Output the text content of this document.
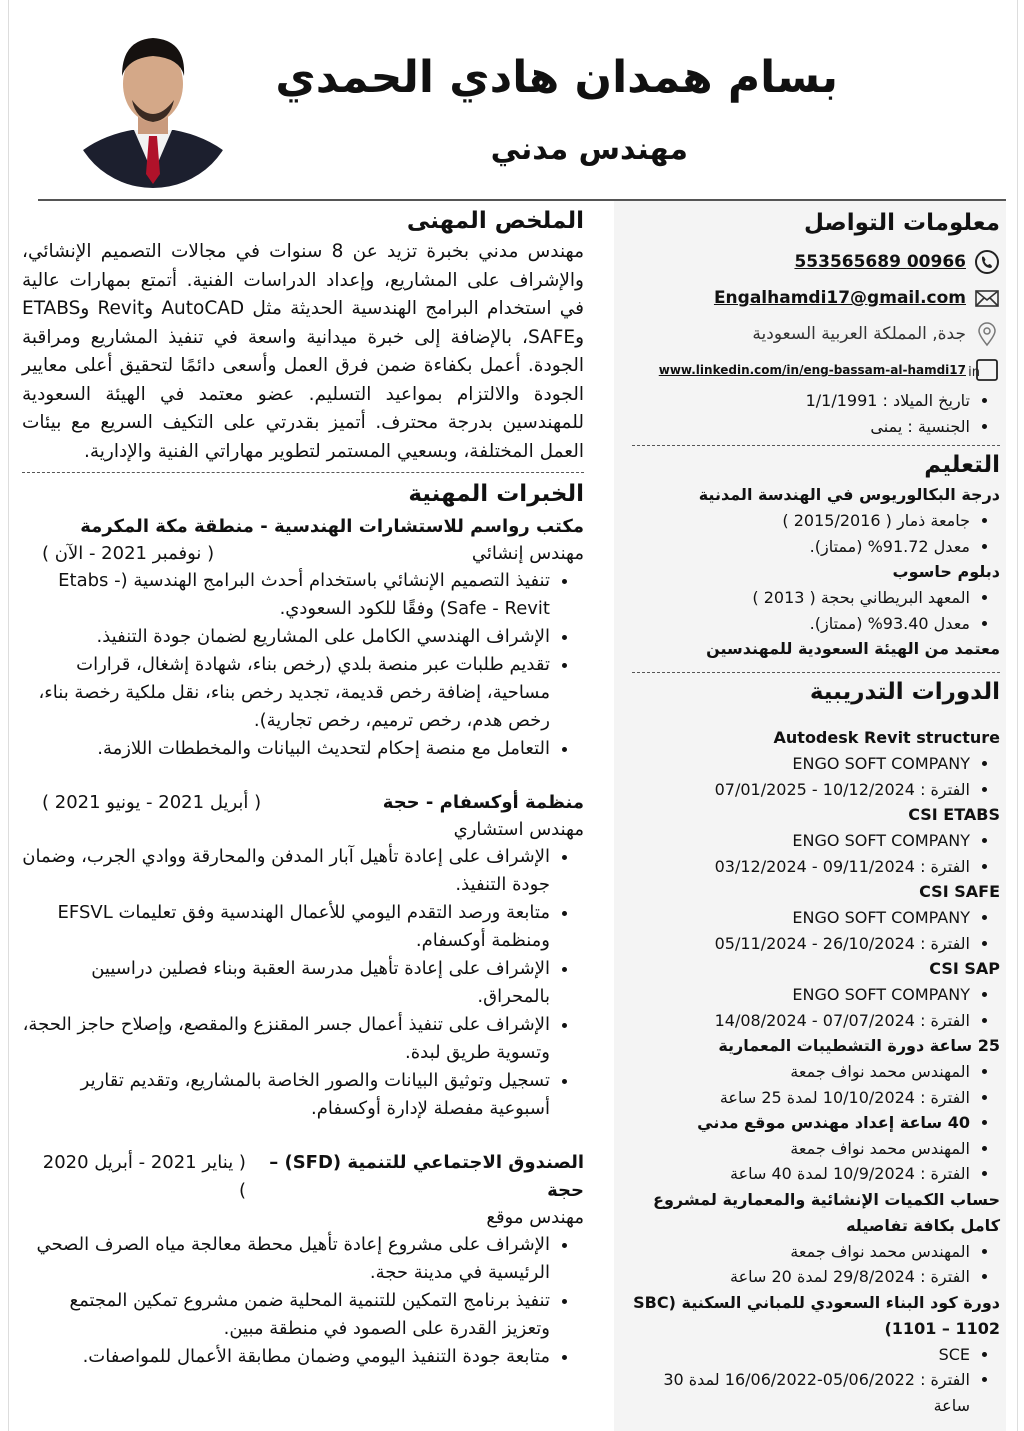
بسام همدان هادي الحمدي
مهندس مدني
الملخص المهنى

مهندس مدني بخبرة تزيد عن 8 سنوات في مجالات التصميم الإنشائي، والإشراف على المشاريع، وإعداد الدراسات الفنية. أتمتع بمهارات عالية في استخدام البرامج الهندسية الحديثة مثل AutoCAD وRevit وETABS وSAFE، بالإضافة إلى خبرة ميدانية واسعة في تنفيذ المشاريع ومراقبة الجودة. أعمل بكفاءة ضمن فرق العمل وأسعى دائمًا لتحقيق أعلى معايير الجودة والالتزام بمواعيد التسليم. عضو معتمد في الهيئة السعودية للمهندسين بدرجة محترف. أتميز بقدرتي على التكيف السريع مع بيئات العمل المختلفة، وبسعيي المستمر لتطوير مهاراتي الفنية والإدارية.

الخبرات المهنية
مكتب رواسم للاستشارات الهندسية - منطقة مكة المكرمة
مهندس إنشائي
( نوفمبر 2021 - الآن )
• تنفيذ التصميم الإنشائي باستخدام أحدث البرامج الهندسية (Etabs - Safe - Revit) وفقًا للكود السعودي.
• الإشراف الهندسي الكامل على المشاريع لضمان جودة التنفيذ.
• تقديم طلبات عبر منصة بلدي (رخص بناء، شهادة إشغال، قرارات مساحية، إضافة رخص قديمة، تجديد رخص بناء، نقل ملكية رخصة بناء، رخص هدم، رخص ترميم، رخص تجارية).
• التعامل مع منصة إحكام لتحديث البيانات والمخططات اللازمة.
منظمة أوكسفام - حجة
( أبريل 2021 - يونيو 2021 )
مهندس استشاري
• الإشراف على إعادة تأهيل آبار المدفن والمحارقة ووادي الجرب، وضمان جودة التنفيذ.
• متابعة ورصد التقدم اليومي للأعمال الهندسية وفق تعليمات EFSVL ومنظمة أوكسفام.
• الإشراف على إعادة تأهيل مدرسة العقبة وبناء فصلين دراسيين بالمحراق.
• الإشراف على تنفيذ أعمال جسر المقنزع والمقصع، وإصلاح حاجز الحجة، وتسوية طريق لبدة.
• تسجيل وتوثيق البيانات والصور الخاصة بالمشاريع، وتقديم تقارير أسبوعية مفصلة لإدارة أوكسفام.
الصندوق الاجتماعي للتنمية (SFD) – حجة
( يناير 2021 - أبريل 2020 )
مهندس موقع
• الإشراف على مشروع إعادة تأهيل محطة معالجة مياه الصرف الصحي الرئيسية في مدينة حجة.
• تنفيذ برنامج التمكين للتنمية المحلية ضمن مشروع تمكين المجتمع وتعزيز القدرة على الصمود في منطقة مبين.
• متابعة جودة التنفيذ اليومي وضمان مطابقة الأعمال للمواصفات.
معلومات التواصل
00966 553565689
Engalhamdi17@gmail.com
جدة, المملكة العربية السعودية
in
www.linkedin.com/in/eng-bassam-al-hamdi17
• تاريخ الميلاد : 1/1/1991
• الجنسية : يمنى
التعليم
درجة البكالوريوس في الهندسة المدنية
• جامعة ذمار ( 2015/2016 )
• معدل 91.72% (ممتاز).
دبلوم حاسوب
• المعهد البريطاني بحجة ( 2013 )
• معدل 93.40% (ممتاز).
معتمد من الهيئة السعودية للمهندسين
الدورات التدريبية
Autodesk Revit structure
• ENGO SOFT COMPANY
• الفترة : 10/12/2024 - 07/01/2025
CSI ETABS
• ENGO SOFT COMPANY
• الفترة : 09/11/2024 - 03/12/2024
CSI SAFE
• ENGO SOFT COMPANY
• الفترة : 26/10/2024 - 05/11/2024
CSI SAP
• ENGO SOFT COMPANY
• الفترة : 07/07/2024 - 14/08/2024
25 ساعة دورة التشطيبات المعمارية
• المهندس محمد نواف جمعة
• الفترة : 10/10/2024 لمدة 25 ساعة
• 40 ساعة إعداد مهندس موقع مدني
• المهندس محمد نواف جمعة
• الفترة : 10/9/2024 لمدة 40 ساعة
حساب الكميات الإنشائية والمعمارية لمشروع كامل بكافة تفاصيله
• المهندس محمد نواف جمعة
• الفترة : 29/8/2024 لمدة 20 ساعة
دورة كود البناء السعودي للمباني السكنية (SBC 1101 – 1102)
• SCE
• الفترة : 05/06/2022-16/06/2022 لمدة 30 ساعة
